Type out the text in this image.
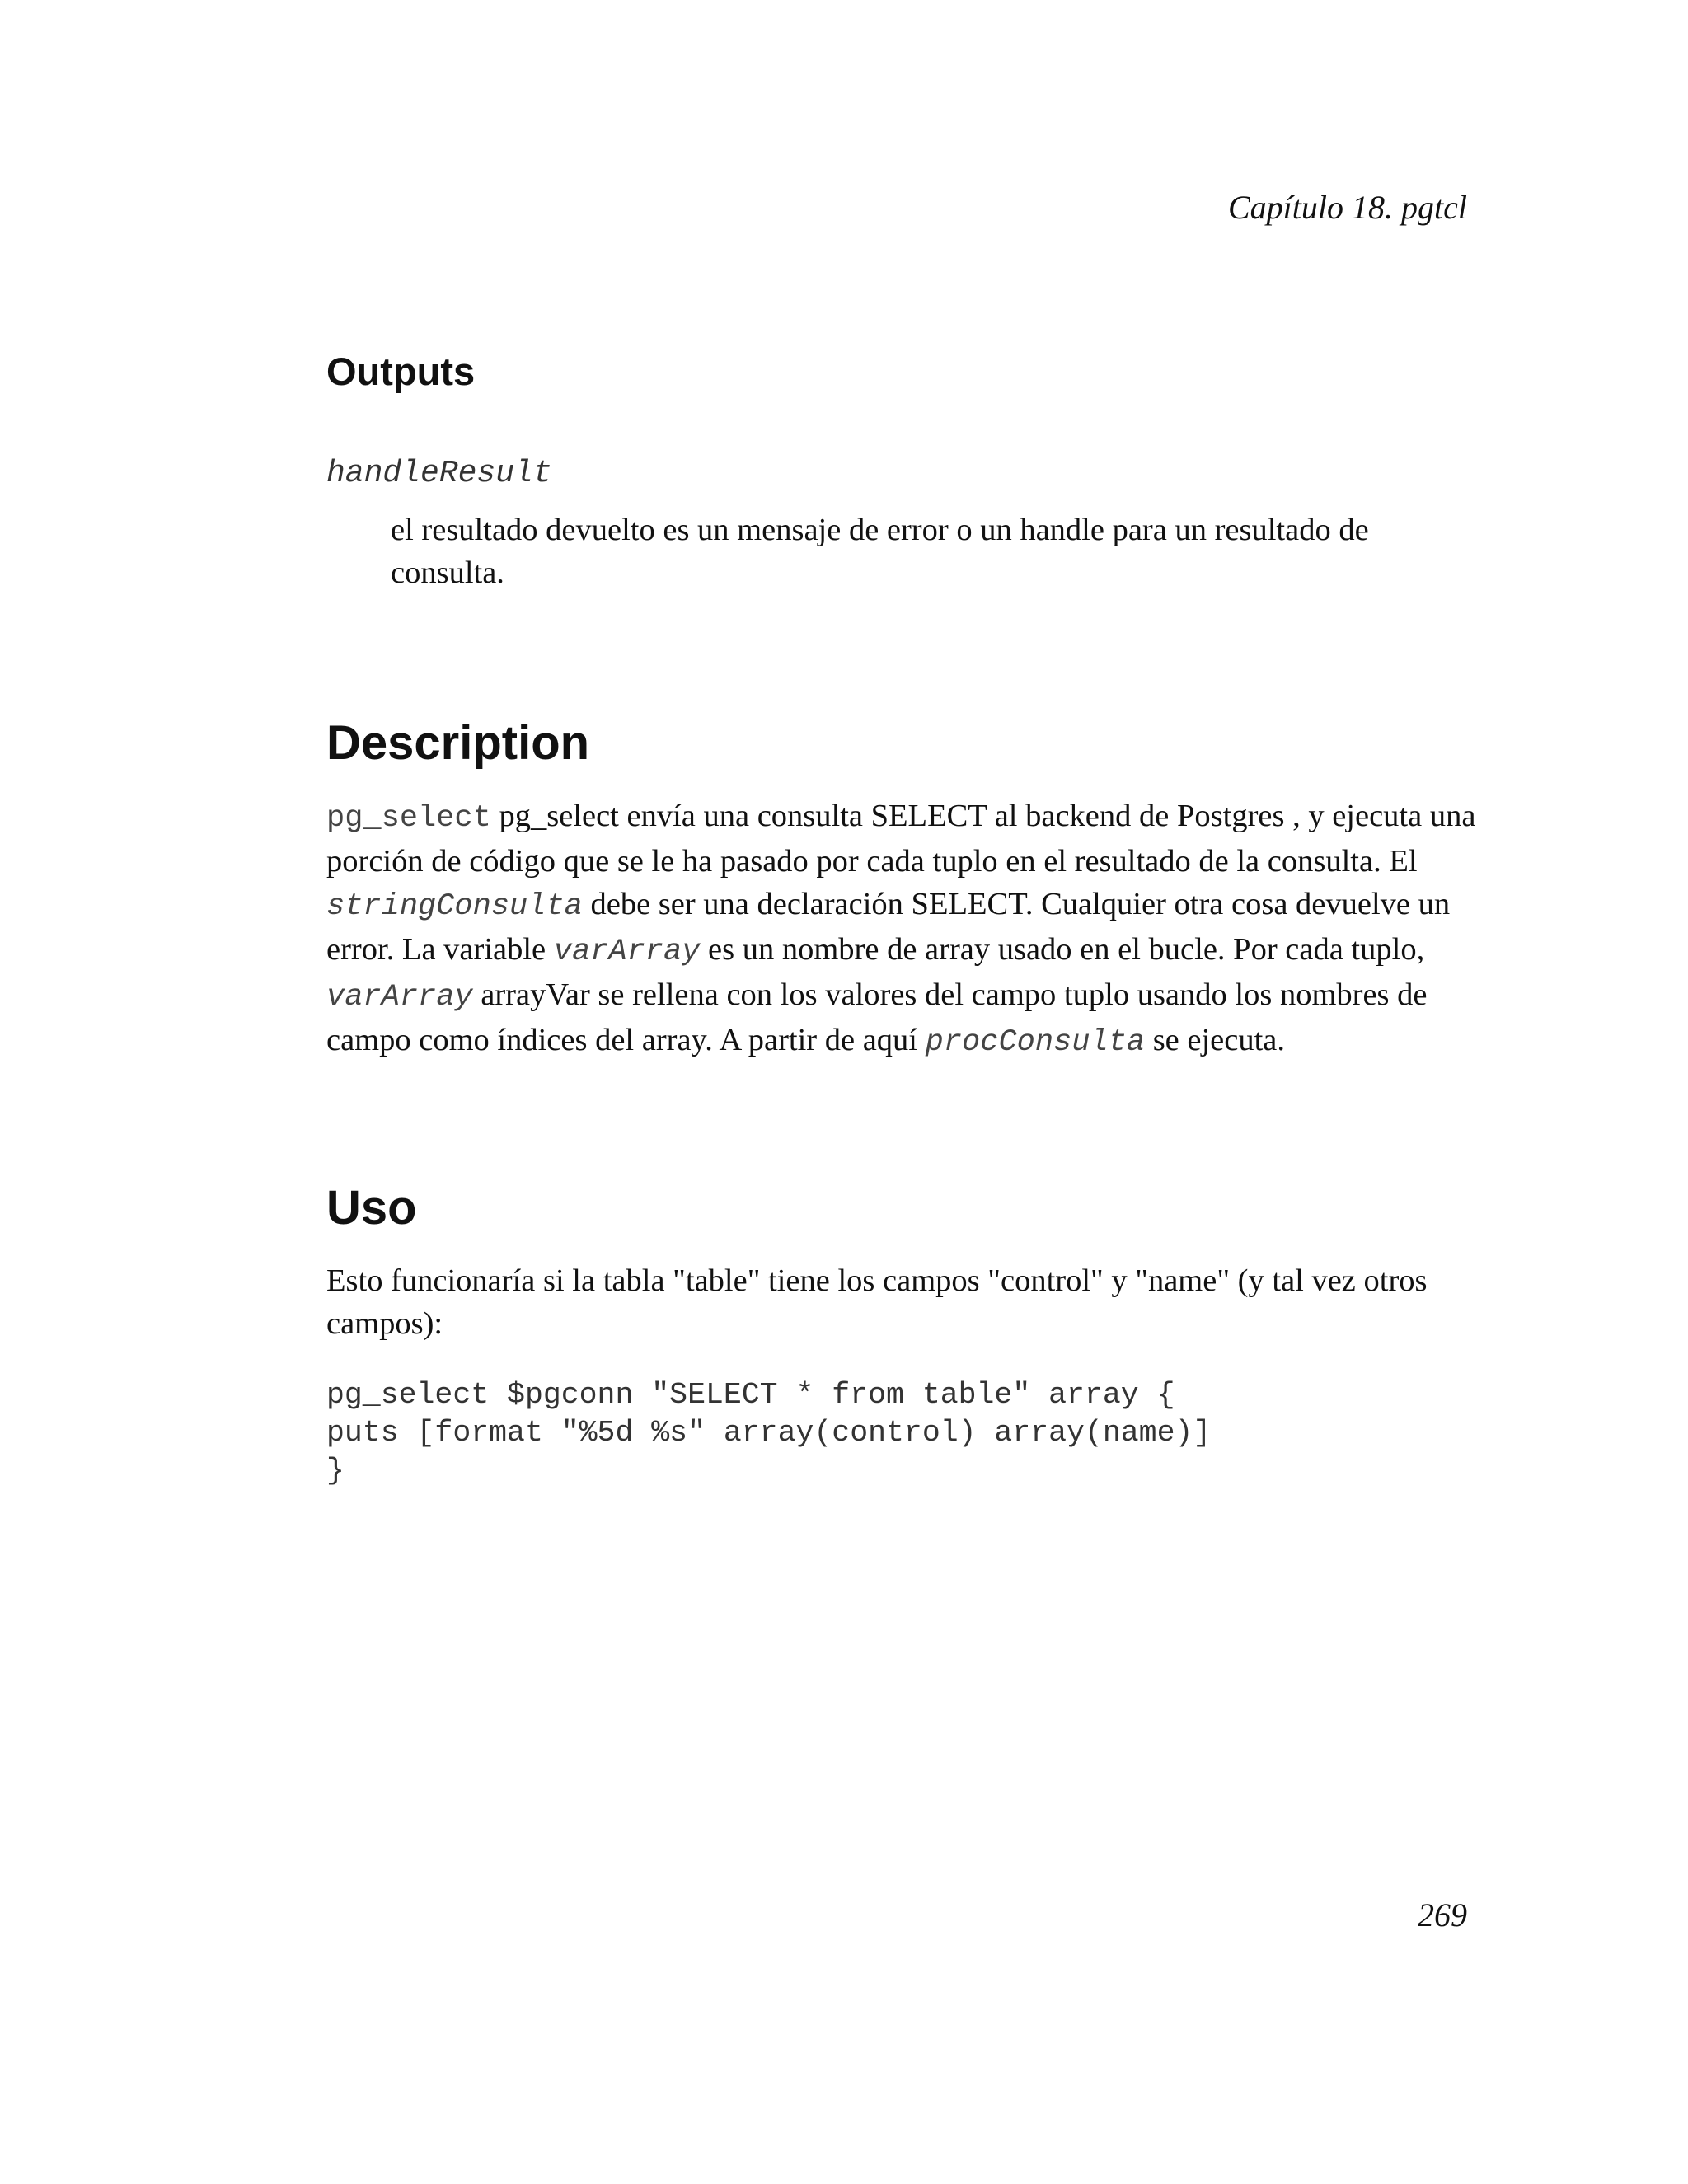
Capítulo 18. pgtcl
Outputs
handleResult
el resultado devuelto es un mensaje de error o un handle para un resultado de consulta.
Description
pg_select pg_select envía una consulta SELECT al backend de Postgres , y ejecuta una porción de código que se le ha pasado por cada tuplo en el resultado de la consulta. El stringConsulta debe ser una declaración SELECT. Cualquier otra cosa devuelve un error. La variable varArray es un nombre de array usado en el bucle. Por cada tuplo, varArray arrayVar se rellena con los valores del campo tuplo usando los nombres de campo como índices del array. A partir de aquí procConsulta se ejecuta.
Uso
Esto funcionaría si la tabla "table" tiene los campos "control" y "name" (y tal vez otros campos):
pg_select $pgconn "SELECT * from table" array {
puts [format "%5d %s" array(control) array(name)]
}
269
